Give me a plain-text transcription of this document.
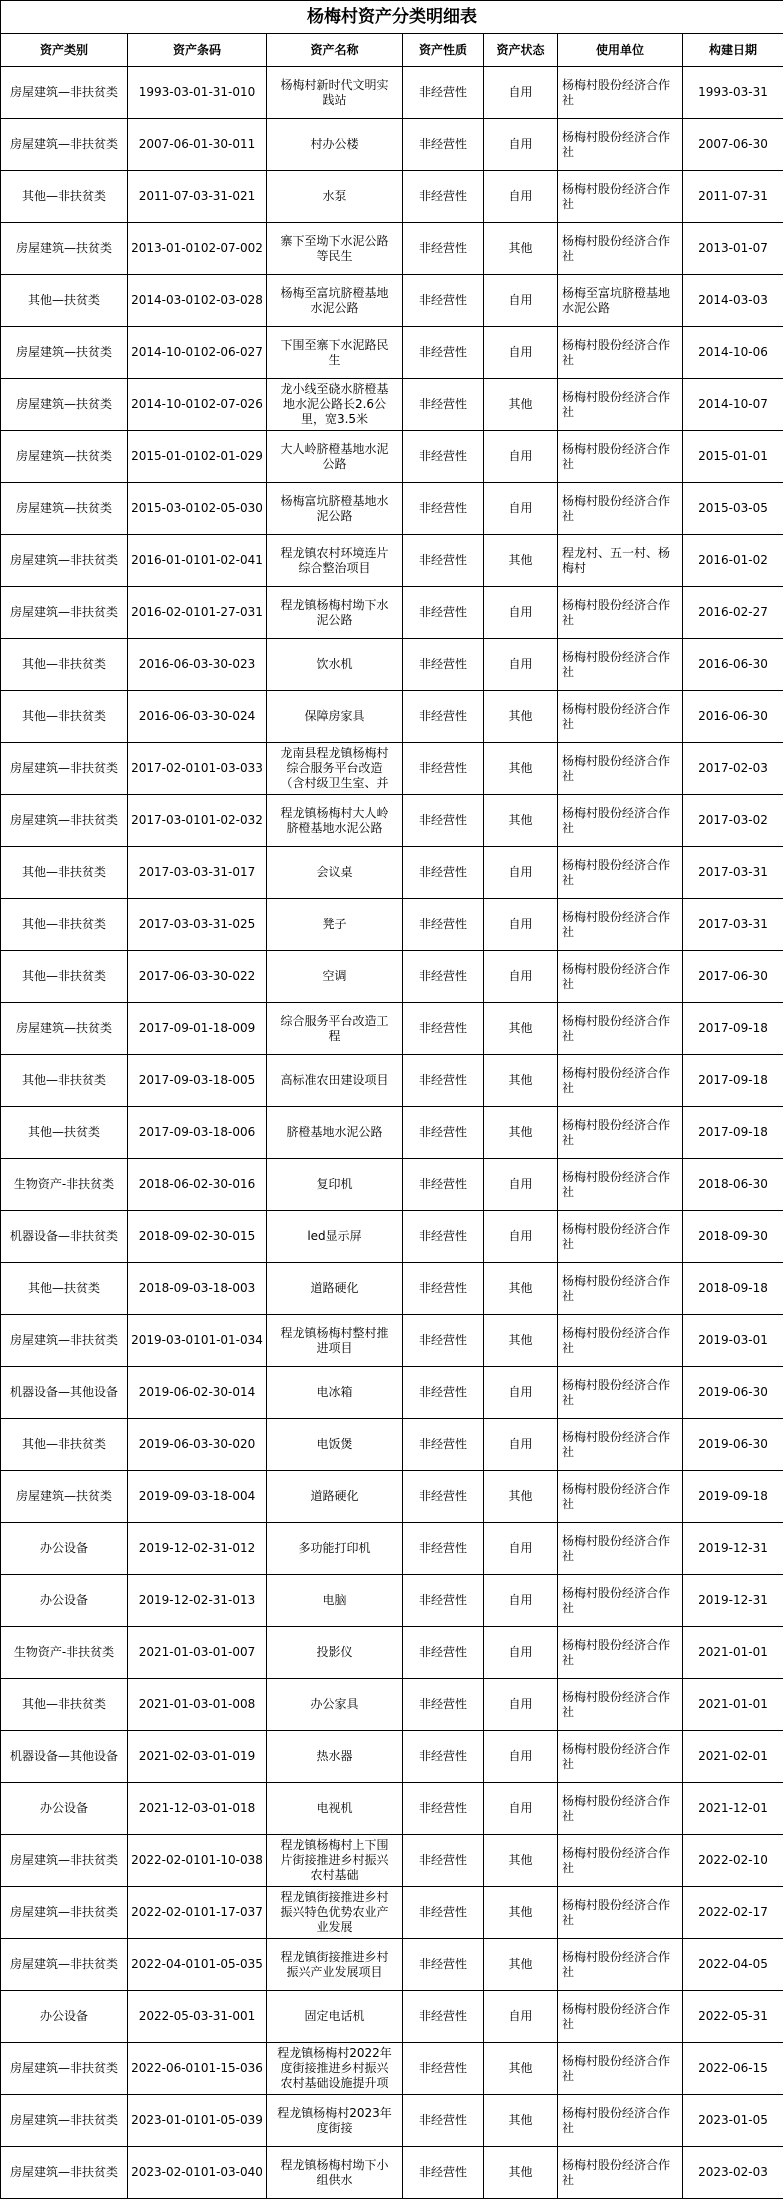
杨梅村资产分类明细表						
资产类别	资产条码	资产名称	资产性质	资产状态	使用单位	构建日期
房屋建筑—非扶贫类	1993-03-01-31-010	杨梅村新时代文明实践站	非经营性	自用	杨梅村股份经济合作社	1993-03-31
房屋建筑—非扶贫类	2007-06-01-30-011	村办公楼	非经营性	自用	杨梅村股份经济合作社	2007-06-30
其他—非扶贫类	2011-07-03-31-021	水泵	非经营性	自用	杨梅村股份经济合作社	2011-07-31
房屋建筑—扶贫类	2013-01-0102-07-002	寨下至坳下水泥公路等民生	非经营性	其他	杨梅村股份经济合作社	2013-01-07
其他—扶贫类	2014-03-0102-03-028	杨梅至富坑脐橙基地水泥公路	非经营性	自用	杨梅至富坑脐橙基地水泥公路	2014-03-03
房屋建筑—扶贫类	2014-10-0102-06-027	下围至寨下水泥路民生	非经营性	自用	杨梅村股份经济合作社	2014-10-06
房屋建筑—扶贫类	2014-10-0102-07-026	龙小线至硗水脐橙基地水泥公路长2.6公里，宽3.5米	非经营性	其他	杨梅村股份经济合作社	2014-10-07
房屋建筑—扶贫类	2015-01-0102-01-029	大人岭脐橙基地水泥公路	非经营性	自用	杨梅村股份经济合作社	2015-01-01
房屋建筑—扶贫类	2015-03-0102-05-030	杨梅富坑脐橙基地水泥公路	非经营性	自用	杨梅村股份经济合作社	2015-03-05
房屋建筑—非扶贫类	2016-01-0101-02-041	程龙镇农村环境连片综合整治项目	非经营性	其他	程龙村、五一村、杨梅村	2016-01-02
房屋建筑—非扶贫类	2016-02-0101-27-031	程龙镇杨梅村坳下水泥公路	非经营性	自用	杨梅村股份经济合作社	2016-02-27
其他—非扶贫类	2016-06-03-30-023	饮水机	非经营性	自用	杨梅村股份经济合作社	2016-06-30
其他—非扶贫类	2016-06-03-30-024	保障房家具	非经营性	其他	杨梅村股份经济合作社	2016-06-30
房屋建筑—非扶贫类	2017-02-0101-03-033	龙南县程龙镇杨梅村综合服务平台改造（含村级卫生室、并	非经营性	其他	杨梅村股份经济合作社	2017-02-03
房屋建筑—非扶贫类	2017-03-0101-02-032	程龙镇杨梅村大人岭脐橙基地水泥公路	非经营性	其他	杨梅村股份经济合作社	2017-03-02
其他—非扶贫类	2017-03-03-31-017	会议桌	非经营性	自用	杨梅村股份经济合作社	2017-03-31
其他—非扶贫类	2017-03-03-31-025	凳子	非经营性	自用	杨梅村股份经济合作社	2017-03-31
其他—非扶贫类	2017-06-03-30-022	空调	非经营性	自用	杨梅村股份经济合作社	2017-06-30
房屋建筑—扶贫类	2017-09-01-18-009	综合服务平台改造工程	非经营性	其他	杨梅村股份经济合作社	2017-09-18
其他—非扶贫类	2017-09-03-18-005	高标准农田建设项目	非经营性	其他	杨梅村股份经济合作社	2017-09-18
其他—扶贫类	2017-09-03-18-006	脐橙基地水泥公路	非经营性	其他	杨梅村股份经济合作社	2017-09-18
生物资产-非扶贫类	2018-06-02-30-016	复印机	非经营性	自用	杨梅村股份经济合作社	2018-06-30
机器设备—非扶贫类	2018-09-02-30-015	led显示屏	非经营性	自用	杨梅村股份经济合作社	2018-09-30
其他—扶贫类	2018-09-03-18-003	道路硬化	非经营性	其他	杨梅村股份经济合作社	2018-09-18
房屋建筑—非扶贫类	2019-03-0101-01-034	程龙镇杨梅村整村推进项目	非经营性	其他	杨梅村股份经济合作社	2019-03-01
机器设备—其他设备	2019-06-02-30-014	电冰箱	非经营性	自用	杨梅村股份经济合作社	2019-06-30
其他—非扶贫类	2019-06-03-30-020	电饭煲	非经营性	自用	杨梅村股份经济合作社	2019-06-30
房屋建筑—扶贫类	2019-09-03-18-004	道路硬化	非经营性	其他	杨梅村股份经济合作社	2019-09-18
办公设备	2019-12-02-31-012	多功能打印机	非经营性	自用	杨梅村股份经济合作社	2019-12-31
办公设备	2019-12-02-31-013	电脑	非经营性	自用	杨梅村股份经济合作社	2019-12-31
生物资产-非扶贫类	2021-01-03-01-007	投影仪	非经营性	自用	杨梅村股份经济合作社	2021-01-01
其他—非扶贫类	2021-01-03-01-008	办公家具	非经营性	自用	杨梅村股份经济合作社	2021-01-01
机器设备—其他设备	2021-02-03-01-019	热水器	非经营性	自用	杨梅村股份经济合作社	2021-02-01
办公设备	2021-12-03-01-018	电视机	非经营性	自用	杨梅村股份经济合作社	2021-12-01
房屋建筑—非扶贫类	2022-02-0101-10-038	程龙镇杨梅村上下围片街接推进乡村振兴农村基础	非经营性	其他	杨梅村股份经济合作社	2022-02-10
房屋建筑—非扶贫类	2022-02-0101-17-037	程龙镇街接推进乡村振兴特色优势农业产业发展	非经营性	其他	杨梅村股份经济合作社	2022-02-17
房屋建筑—非扶贫类	2022-04-0101-05-035	程龙镇街接推进乡村振兴产业发展项目	非经营性	其他	杨梅村股份经济合作社	2022-04-05
办公设备	2022-05-03-31-001	固定电话机	非经营性	自用	杨梅村股份经济合作社	2022-05-31
房屋建筑—非扶贫类	2022-06-0101-15-036	程龙镇杨梅村2022年度街接推进乡村振兴农村基础设施提升项	非经营性	其他	杨梅村股份经济合作社	2022-06-15
房屋建筑—非扶贫类	2023-01-0101-05-039	程龙镇杨梅村2023年度街接	非经营性	其他	杨梅村股份经济合作社	2023-01-05
房屋建筑—非扶贫类	2023-02-0101-03-040	程龙镇杨梅村坳下小组供水	非经营性	其他	杨梅村股份经济合作社	2023-02-03
